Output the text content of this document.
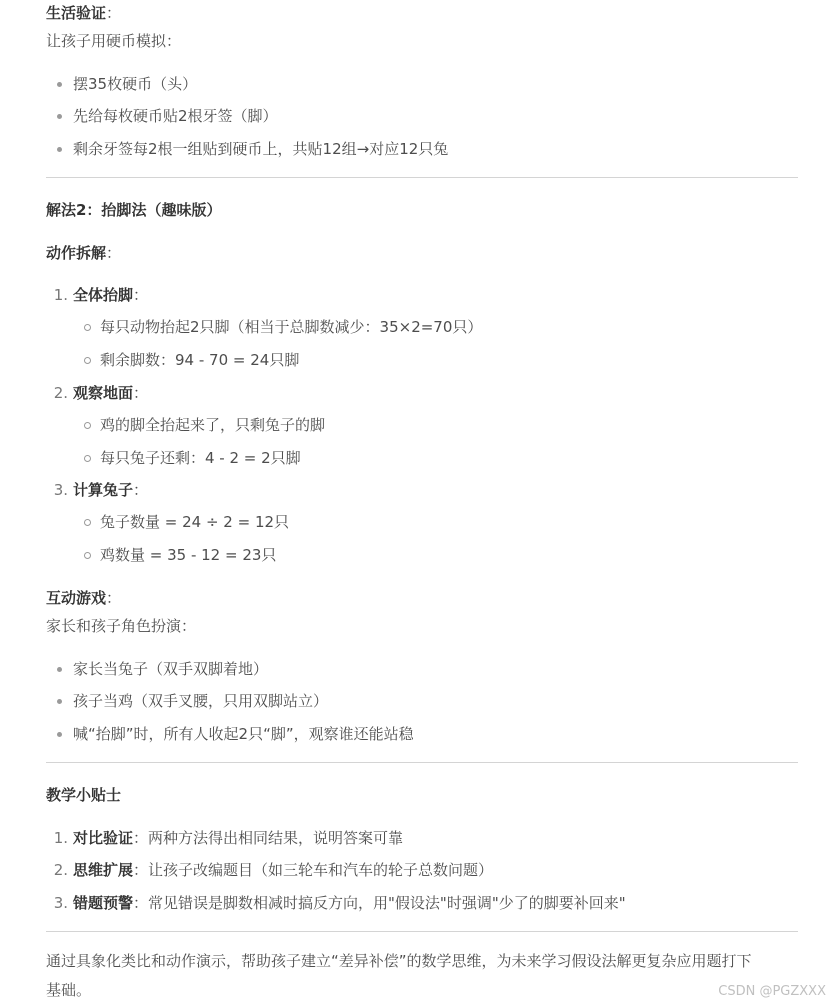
生活验证：
让孩子用硬币模拟：
摆35枚硬币（头）
先给每枚硬币贴2根牙签（脚）
剩余牙签每2根一组贴到硬币上，共贴12组→对应12只兔
解法2：抬脚法（趣味版）
动作拆解：
1. 全体抬脚：
每只动物抬起2只脚（相当于总脚数减少：35×2=70只）
剩余脚数：94 - 70 = 24只脚
2. 观察地面：
鸡的脚全抬起来了，只剩兔子的脚
每只兔子还剩：4 - 2 = 2只脚
3. 计算兔子：
兔子数量 = 24 ÷ 2 = 12只
鸡数量 = 35 - 12 = 23只
互动游戏：
家长和孩子角色扮演：
家长当兔子（双手双脚着地）
孩子当鸡（双手叉腰，只用双脚站立）
喊“抬脚”时，所有人收起2只“脚”，观察谁还能站稳
教学小贴士
1. 对比验证：两种方法得出相同结果，说明答案可靠
2. 思维扩展：让孩子改编题目（如三轮车和汽车的轮子总数问题）
3. 错题预警：常见错误是脚数相减时搞反方向，用"假设法"时强调"少了的脚要补回来"
通过具象化类比和动作演示，帮助孩子建立“差异补偿”的数学思维，为未来学习假设法解更复杂应用题打下
基础。	CSDN @PGZXXX
